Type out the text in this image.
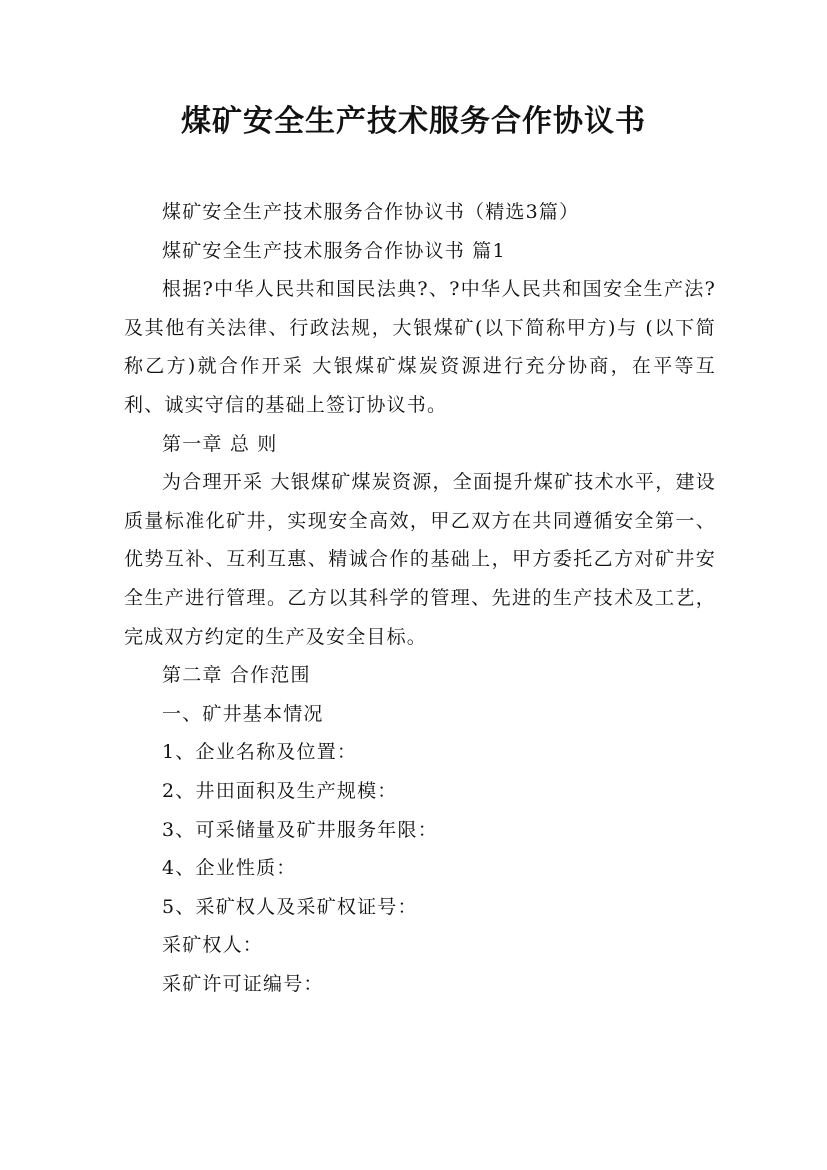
煤矿安全生产技术服务合作协议书

煤矿安全生产技术服务合作协议书（精选3篇）

煤矿安全生产技术服务合作协议书 篇1

根据?中华人民共和国民法典?、?中华人民共和国安全生产法?及其他有关法律、行政法规，大银煤矿(以下简称甲方)与 (以下简称乙方)就合作开采 大银煤矿煤炭资源进行充分协商，在平等互利、诚实守信的基础上签订协议书。

第一章 总 则

为合理开采 大银煤矿煤炭资源，全面提升煤矿技术水平，建设质量标准化矿井，实现安全高效，甲乙双方在共同遵循安全第一、优势互补、互利互惠、精诚合作的基础上，甲方委托乙方对矿井安全生产进行管理。乙方以其科学的管理、先进的生产技术及工艺，完成双方约定的生产及安全目标。

第二章 合作范围

一、矿井基本情况

1、企业名称及位置：

2、井田面积及生产规模：

3、可采储量及矿井服务年限：

4、企业性质：

5、采矿权人及采矿权证号：

采矿权人：

采矿许可证编号：
